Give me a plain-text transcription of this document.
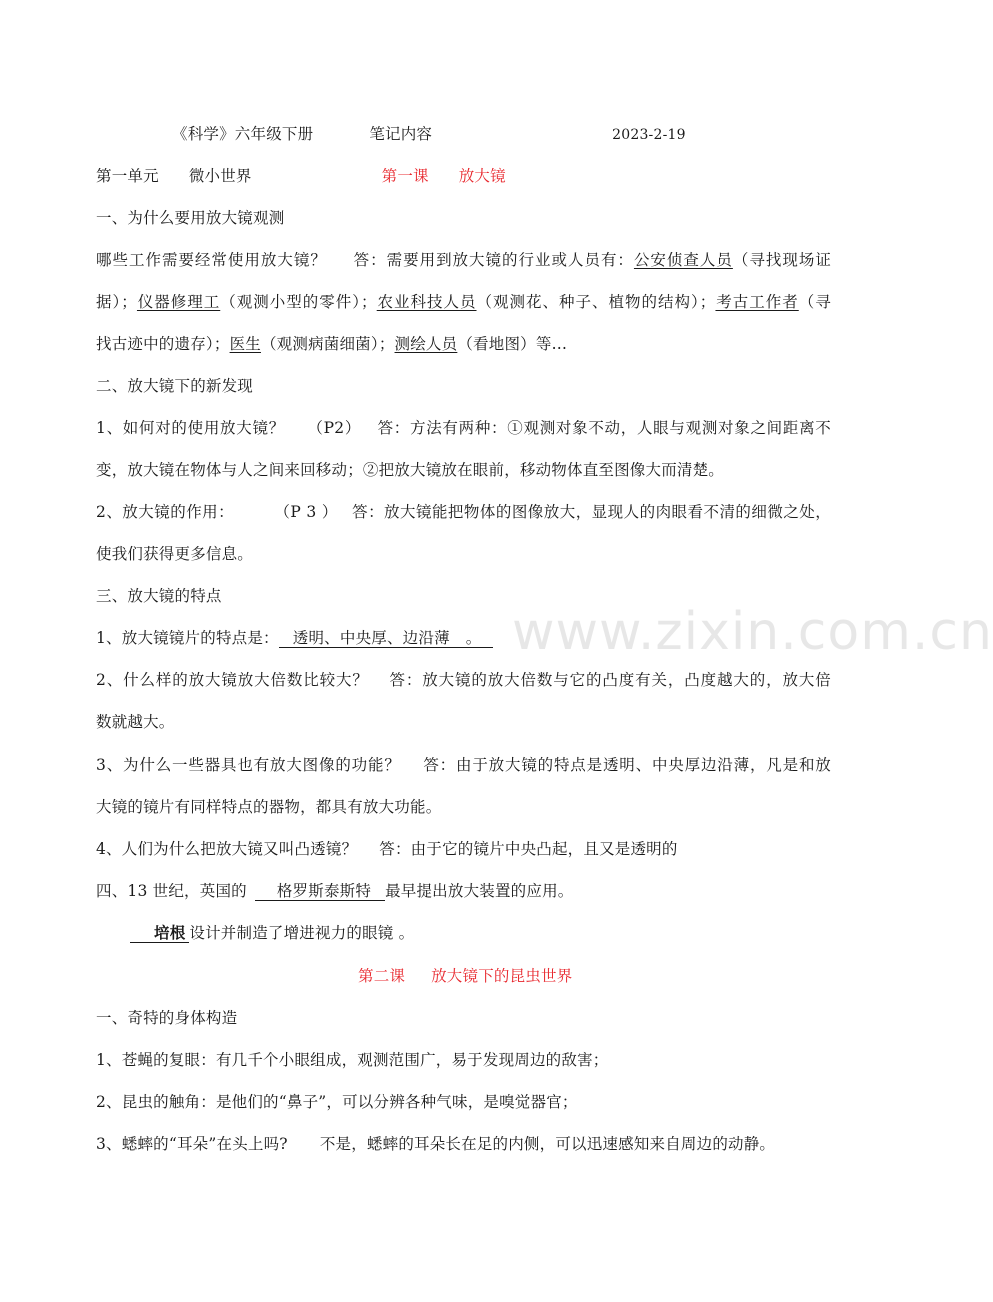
《科学》六年级下册	笔记内容	2023-2-19
第一单元 微小世界	第一课 放大镜
一、为什么要用放大镜观测
哪些工作需要经常使用放大镜？ 答：需要用到放大镜的行业或人员有：公安侦查人员（寻找现场证
据）；仪器修理工（观测小型的零件）；农业科技人员（观测花、种子、植物的结构）；考古工作者（寻
找古迹中的遗存）；医生（观测病菌细菌）；测绘人员（看地图）等…
二、放大镜下的新发现
1、如何对的使用放大镜？ （P2） 答：方法有两种：①观测对象不动，人眼与观测对象之间距离不
变，放大镜在物体与人之间来回移动；②把放大镜放在眼前，移动物体直至图像大而清楚。
2、放大镜的作用：	（P 3 ） 答：放大镜能把物体的图像放大，显现人的肉眼看不清的细微之处，
使我们获得更多信息。
三、放大镜的特点
1、放大镜镜片的特点是： 透明、中央厚、边沿薄 。
2、什么样的放大镜放大倍数比较大？ 答：放大镜的放大倍数与它的凸度有关，凸度越大的，放大倍
数就越大。
3、为什么一些器具也有放大图像的功能？ 答：由于放大镜的特点是透明、中央厚边沿薄，凡是和放
大镜的镜片有同样特点的器物，都具有放大功能。
4、人们为什么把放大镜又叫凸透镜？ 答：由于它的镜片中央凸起，且又是透明的
四、13 世纪，英国的 格罗斯泰斯特 最早提出放大装置的应用。
培根 设计并制造了增进视力的眼镜 。
第二课 放大镜下的昆虫世界
一、奇特的身体构造
1、苍蝇的复眼：有几千个小眼组成，观测范围广，易于发现周边的敌害；
2、昆虫的触角：是他们的“鼻子”，可以分辨各种气味，是嗅觉器官；
3、蟋蟀的“耳朵”在头上吗? 不是，蟋蟀的耳朵长在足的内侧，可以迅速感知来自周边的动静。
www.zixin.com.cn
